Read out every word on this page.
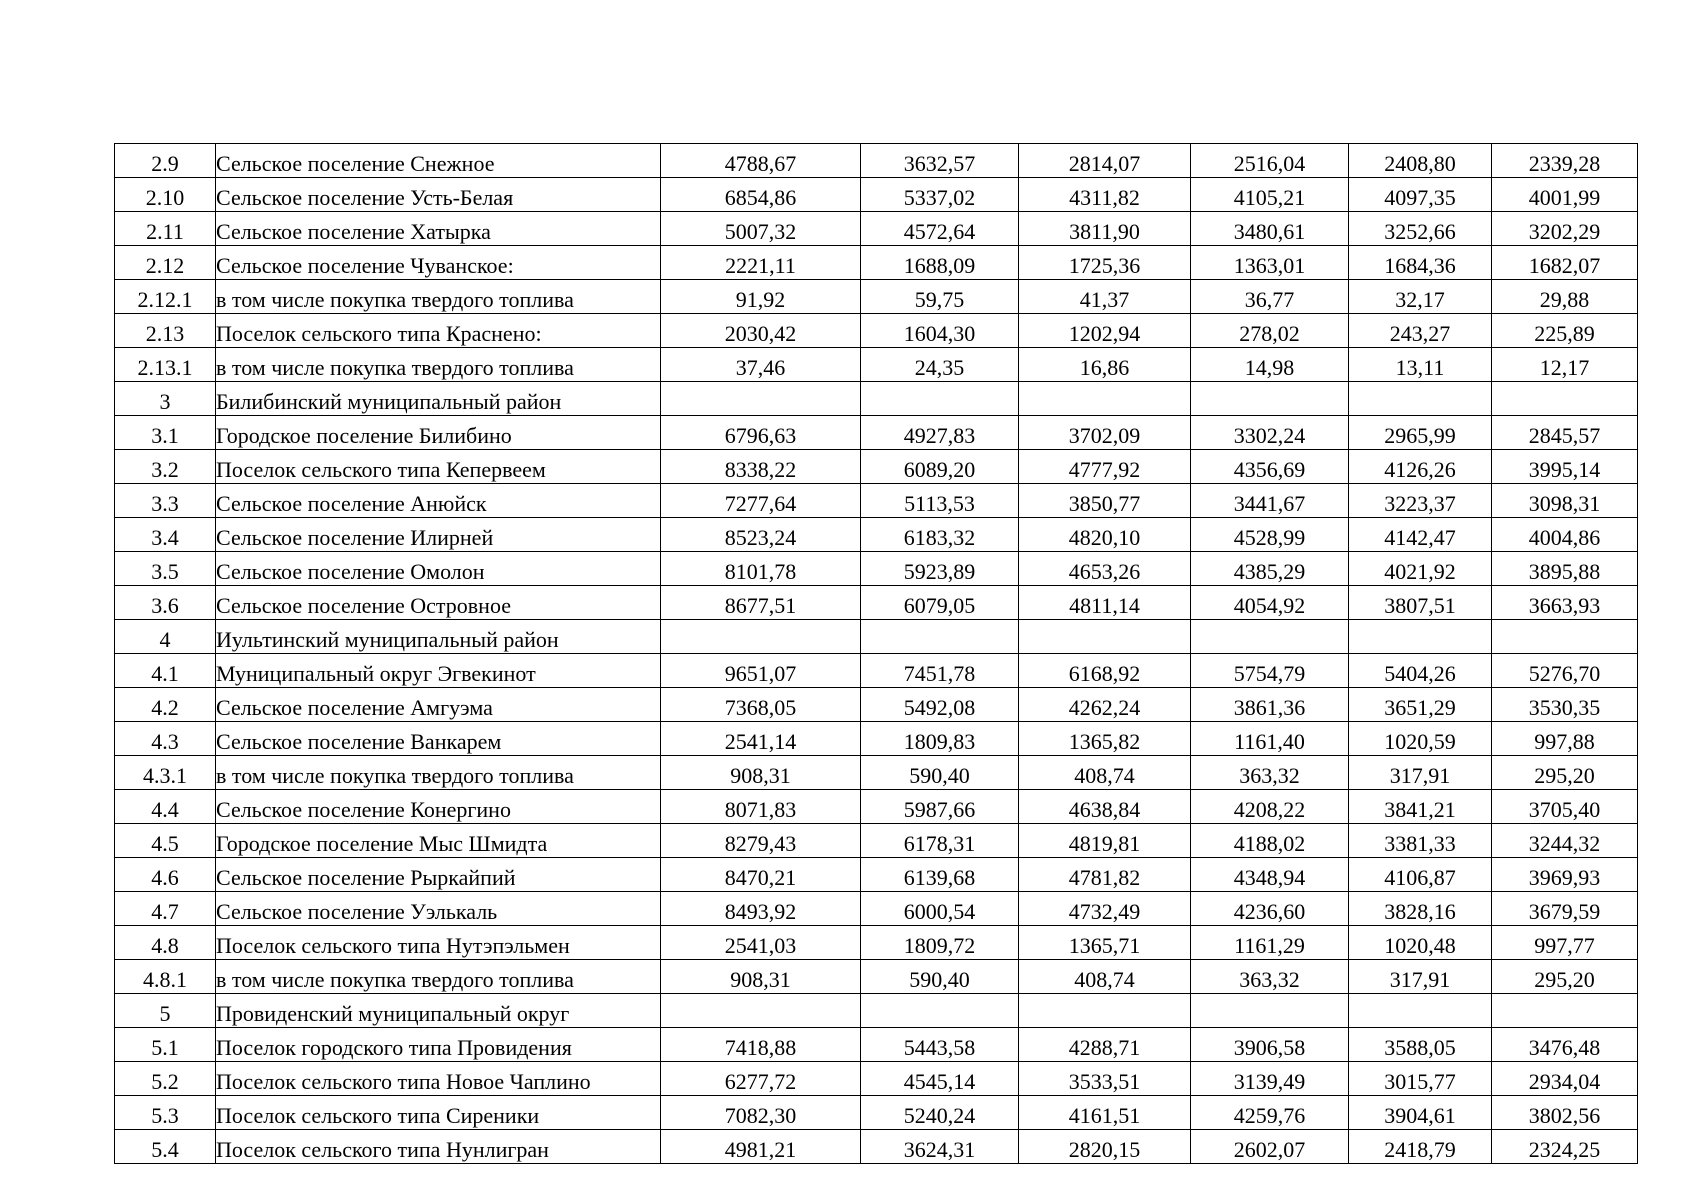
2.9	Сельское поселение Снежное	4788,67	3632,57	2814,07	2516,04	2408,80	2339,28
2.10	Сельское поселение Усть-Белая	6854,86	5337,02	4311,82	4105,21	4097,35	4001,99
2.11	Сельское поселение Хатырка	5007,32	4572,64	3811,90	3480,61	3252,66	3202,29
2.12	Сельское поселение Чуванское:	2221,11	1688,09	1725,36	1363,01	1684,36	1682,07
2.12.1	в том числе покупка твердого топлива	91,92	59,75	41,37	36,77	32,17	29,88
2.13	Поселок сельского типа Краснено:	2030,42	1604,30	1202,94	278,02	243,27	225,89
2.13.1	в том числе покупка твердого топлива	37,46	24,35	16,86	14,98	13,11	12,17
3	Билибинский муниципальный район						
3.1	Городское поселение Билибино	6796,63	4927,83	3702,09	3302,24	2965,99	2845,57
3.2	Поселок сельского типа Кепервеем	8338,22	6089,20	4777,92	4356,69	4126,26	3995,14
3.3	Сельское поселение Анюйск	7277,64	5113,53	3850,77	3441,67	3223,37	3098,31
3.4	Сельское поселение Илирней	8523,24	6183,32	4820,10	4528,99	4142,47	4004,86
3.5	Сельское поселение Омолон	8101,78	5923,89	4653,26	4385,29	4021,92	3895,88
3.6	Сельское поселение Островное	8677,51	6079,05	4811,14	4054,92	3807,51	3663,93
4	Иультинский муниципальный район						
4.1	Муниципальный округ Эгвекинот	9651,07	7451,78	6168,92	5754,79	5404,26	5276,70
4.2	Сельское поселение Амгуэма	7368,05	5492,08	4262,24	3861,36	3651,29	3530,35
4.3	Сельское поселение Ванкарем	2541,14	1809,83	1365,82	1161,40	1020,59	997,88
4.3.1	в том числе покупка твердого топлива	908,31	590,40	408,74	363,32	317,91	295,20
4.4	Сельское поселение Конергино	8071,83	5987,66	4638,84	4208,22	3841,21	3705,40
4.5	Городское поселение Мыс Шмидта	8279,43	6178,31	4819,81	4188,02	3381,33	3244,32
4.6	Сельское поселение Рыркайпий	8470,21	6139,68	4781,82	4348,94	4106,87	3969,93
4.7	Сельское поселение Уэлькаль	8493,92	6000,54	4732,49	4236,60	3828,16	3679,59
4.8	Поселок сельского типа Нутэпэльмен	2541,03	1809,72	1365,71	1161,29	1020,48	997,77
4.8.1	в том числе покупка твердого топлива	908,31	590,40	408,74	363,32	317,91	295,20
5	Провиденский муниципальный округ						
5.1	Поселок городского типа Провидения	7418,88	5443,58	4288,71	3906,58	3588,05	3476,48
5.2	Поселок сельского типа Новое Чаплино	6277,72	4545,14	3533,51	3139,49	3015,77	2934,04
5.3	Поселок сельского типа Сиреники	7082,30	5240,24	4161,51	4259,76	3904,61	3802,56
5.4	Поселок сельского типа Нунлигран	4981,21	3624,31	2820,15	2602,07	2418,79	2324,25
